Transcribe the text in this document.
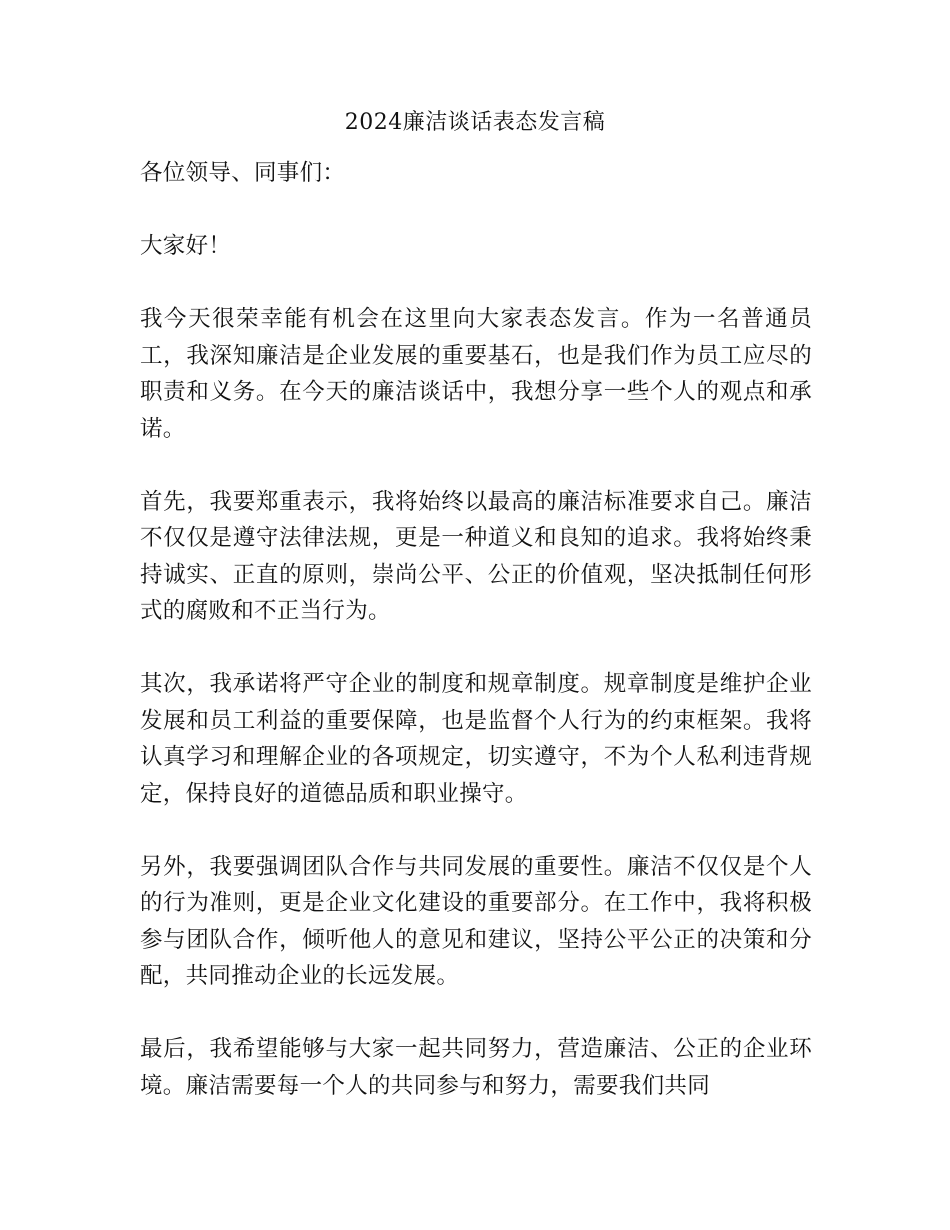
2024廉洁谈话表态发言稿

各位领导、同事们：

大家好！

我今天很荣幸能有机会在这里向大家表态发言。作为一名普通员工，我深知廉洁是企业发展的重要基石，也是我们作为员工应尽的职责和义务。在今天的廉洁谈话中，我想分享一些个人的观点和承诺。

首先，我要郑重表示，我将始终以最高的廉洁标准要求自己。廉洁不仅仅是遵守法律法规，更是一种道义和良知的追求。我将始终秉持诚实、正直的原则，崇尚公平、公正的价值观，坚决抵制任何形式的腐败和不正当行为。

其次，我承诺将严守企业的制度和规章制度。规章制度是维护企业发展和员工利益的重要保障，也是监督个人行为的约束框架。我将认真学习和理解企业的各项规定，切实遵守，不为个人私利违背规定，保持良好的道德品质和职业操守。

另外，我要强调团队合作与共同发展的重要性。廉洁不仅仅是个人的行为准则，更是企业文化建设的重要部分。在工作中，我将积极参与团队合作，倾听他人的意见和建议，坚持公平公正的决策和分配，共同推动企业的长远发展。

最后，我希望能够与大家一起共同努力，营造廉洁、公正的企业环境。廉洁需要每一个人的共同参与和努力，需要我们共同
